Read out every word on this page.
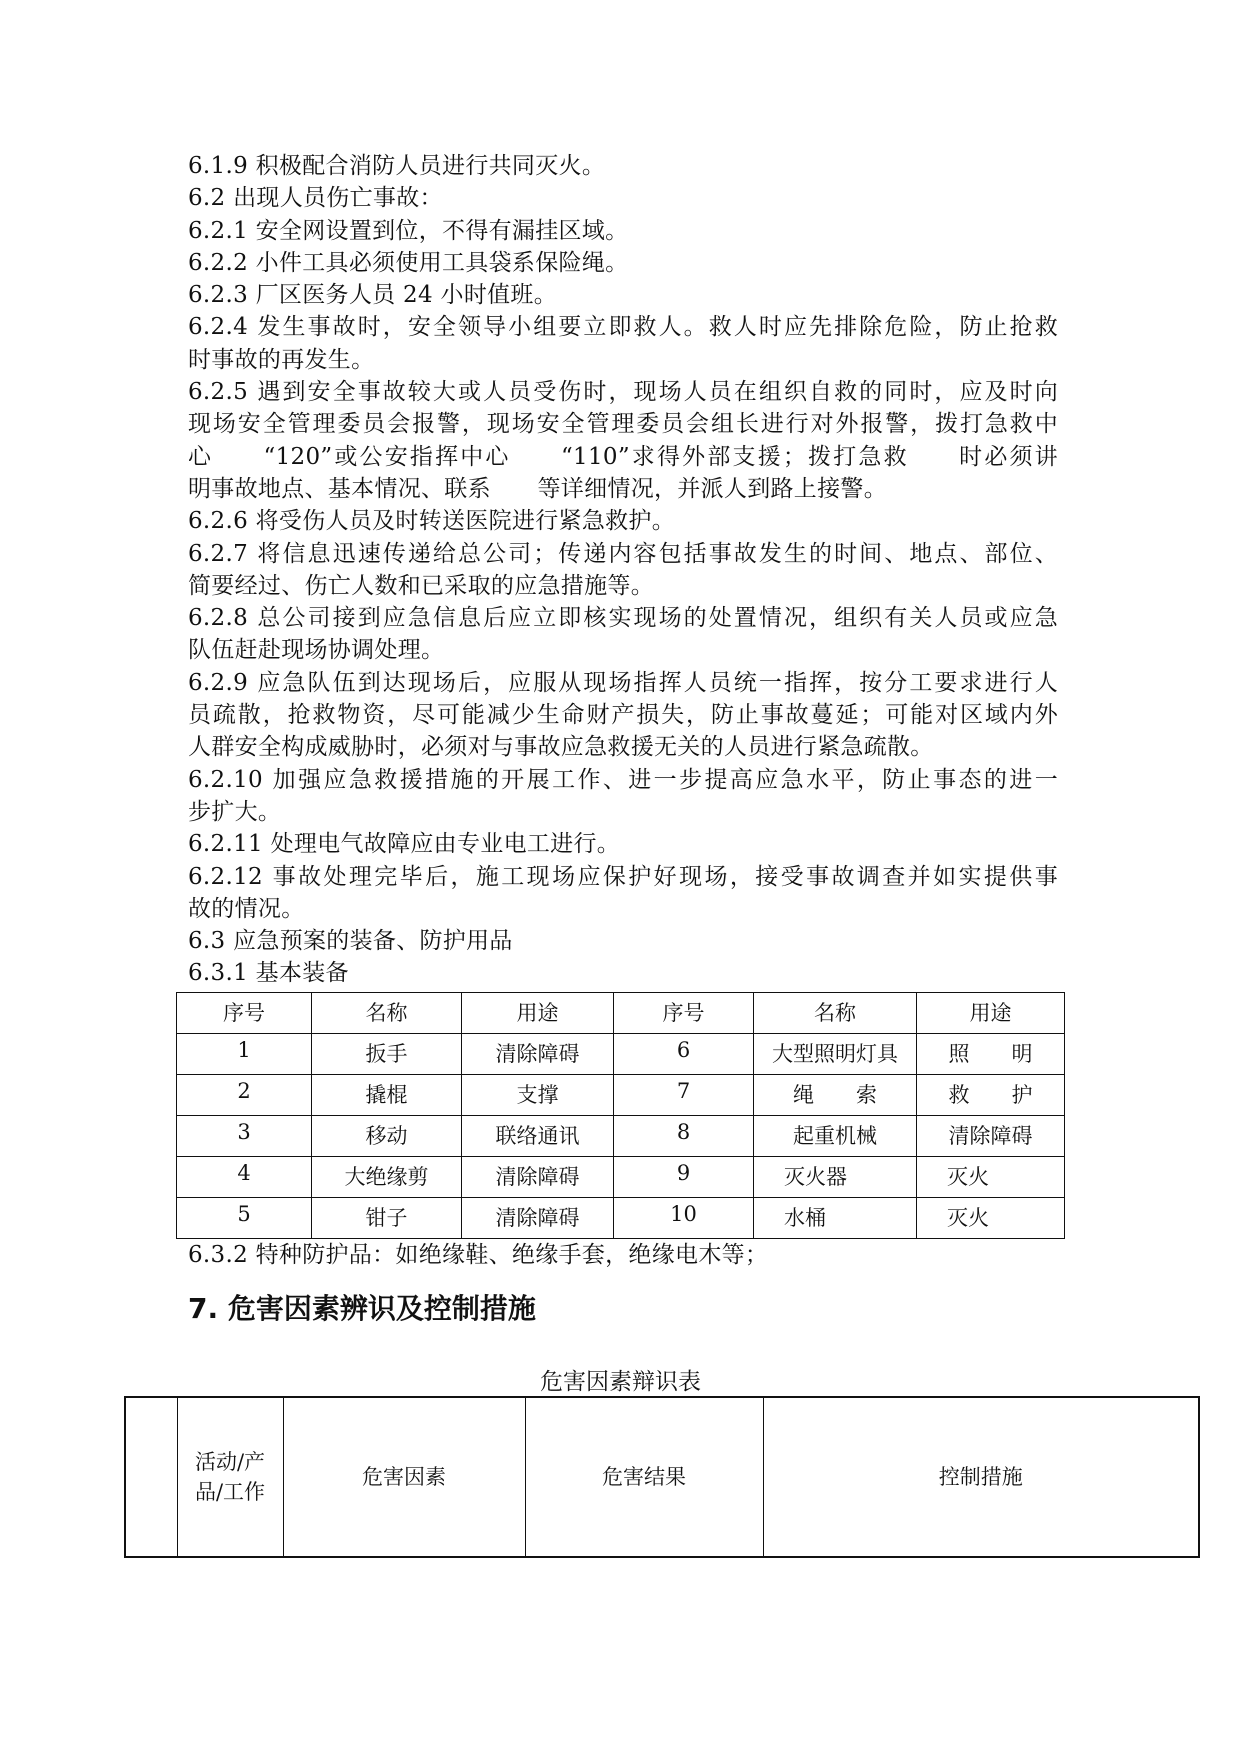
6.1.9 积极配合消防人员进行共同灭火。

6.2 出现人员伤亡事故：

6.2.1 安全网设置到位，不得有漏挂区域。

6.2.2 小件工具必须使用工具袋系保险绳。

6.2.3 厂区医务人员 24 小时值班。

6.2.4 发生事故时，安全领导小组要立即救人。救人时应先排除危险，防止抢救

时事故的再发生。

6.2.5 遇到安全事故较大或人员受伤时，现场人员在组织自救的同时，应及时向

现场安全管理委员会报警，现场安全管理委员会组长进行对外报警，拨打急救中

心　　“120”或公安指挥中心　　“110”求得外部支援；拨打急救　　时必须讲

明事故地点、基本情况、联系　　等详细情况，并派人到路上接警。

6.2.6 将受伤人员及时转送医院进行紧急救护。

6.2.7 将信息迅速传递给总公司；传递内容包括事故发生的时间、地点、部位、

简要经过、伤亡人数和已采取的应急措施等。

6.2.8 总公司接到应急信息后应立即核实现场的处置情况，组织有关人员或应急

队伍赶赴现场协调处理。

6.2.9 应急队伍到达现场后，应服从现场指挥人员统一指挥，按分工要求进行人

员疏散，抢救物资，尽可能减少生命财产损失，防止事故蔓延；可能对区域内外

人群安全构成威胁时，必须对与事故应急救援无关的人员进行紧急疏散。

6.2.10 加强应急救援措施的开展工作、进一步提高应急水平，防止事态的进一

步扩大。

6.2.11 处理电气故障应由专业电工进行。

6.2.12 事故处理完毕后，施工现场应保护好现场，接受事故调查并如实提供事

故的情况。

6.3 应急预案的装备、防护用品

6.3.1 基本装备

序号	名称	用途	序号	名称	用途
1	扳手	清除障碍	6	大型照明灯具	照　　明
2	撬棍	支撑	7	绳　　索	救　　护
3	移动	联络通讯	8	起重机械	清除障碍
4	大绝缘剪	清除障碍	9	灭火器	灭火
5	钳子	清除障碍	10	水桶	灭火

6.3.2 特种防护品：如绝缘鞋、绝缘手套，绝缘电木等；

7. 危害因素辨识及控制措施
危害因素辩识表
	活动/产品/工作	危害因素	危害结果	控制措施
